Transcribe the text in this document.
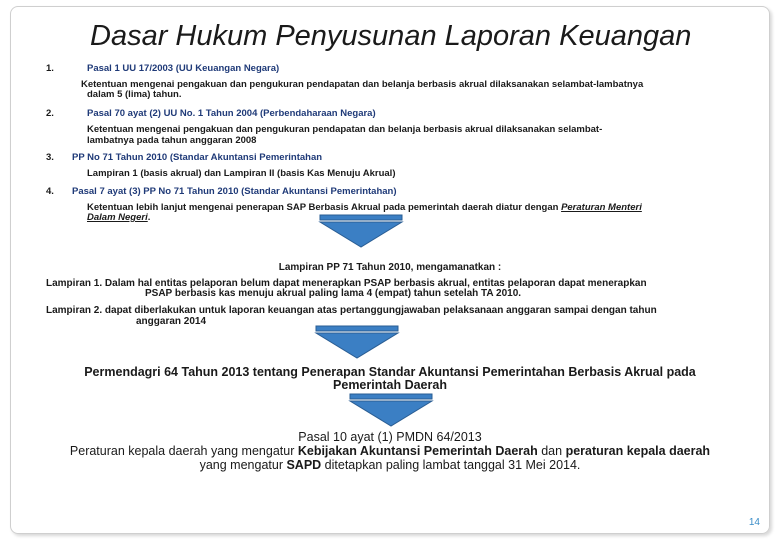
Dasar Hukum Penyusunan Laporan Keuangan
1.	Pasal 1 UU 17/2003 (UU Keuangan Negara)
Ketentuan mengenai pengakuan dan pengukuran pendapatan dan belanja berbasis akrual dilaksanakan selambat-lambatnya
dalam 5 (lima) tahun.
2.	Pasal 70 ayat (2) UU No. 1 Tahun 2004 (Perbendaharaan Negara)
Ketentuan mengenai pengakuan dan pengukuran pendapatan dan belanja berbasis akrual dilaksanakan selambat-
lambatnya pada tahun anggaran 2008
3. PP No 71 Tahun 2010 (Standar Akuntansi Pemerintahan
Lampiran 1 (basis akrual) dan Lampiran II (basis Kas Menuju Akrual)
4. Pasal 7 ayat (3) PP No 71 Tahun 2010 (Standar Akuntansi Pemerintahan)
Ketentuan lebih lanjut mengenai penerapan SAP Berbasis Akrual pada pemerintah daerah diatur dengan Peraturan Menteri
Dalam Negeri.
Lampiran PP 71 Tahun 2010, mengamanatkan :
Lampiran 1. Dalam hal entitas pelaporan belum dapat menerapkan PSAP berbasis akrual, entitas pelaporan dapat menerapkan
PSAP berbasis kas menuju akrual paling lama 4 (empat) tahun setelah TA 2010.
Lampiran 2. dapat diberlakukan untuk laporan keuangan atas pertanggungjawaban pelaksanaan anggaran sampai dengan tahun
anggaran 2014
Permendagri 64 Tahun 2013 tentang Penerapan Standar Akuntansi Pemerintahan Berbasis Akrual pada
Pemerintah Daerah
Pasal 10 ayat (1) PMDN 64/2013
Peraturan kepala daerah yang mengatur Kebijakan Akuntansi Pemerintah Daerah dan peraturan kepala daerah
yang mengatur SAPD ditetapkan paling lambat tanggal 31 Mei 2014.
14
